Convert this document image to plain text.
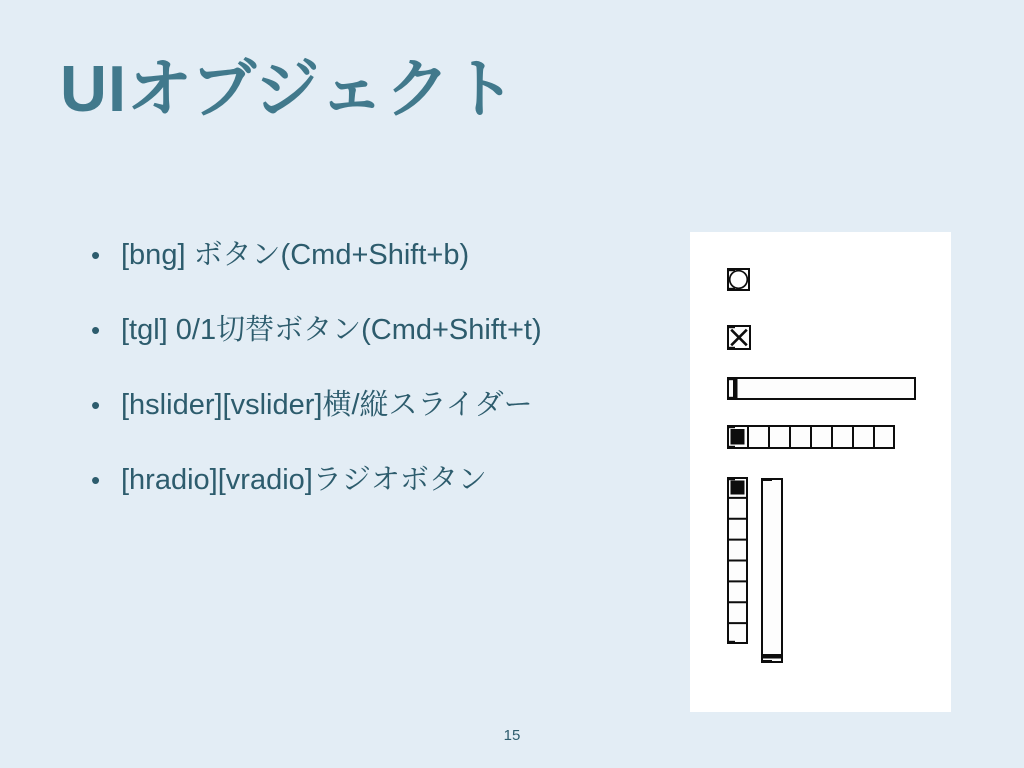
UIオブジェクト
• [bng] ボタン(Cmd+Shift+b)
• [tgl] 0/1切替ボタン(Cmd+Shift+t)
• [hslider][vslider]横/縦スライダー
• [hradio][vradio]ラジオボタン
15
